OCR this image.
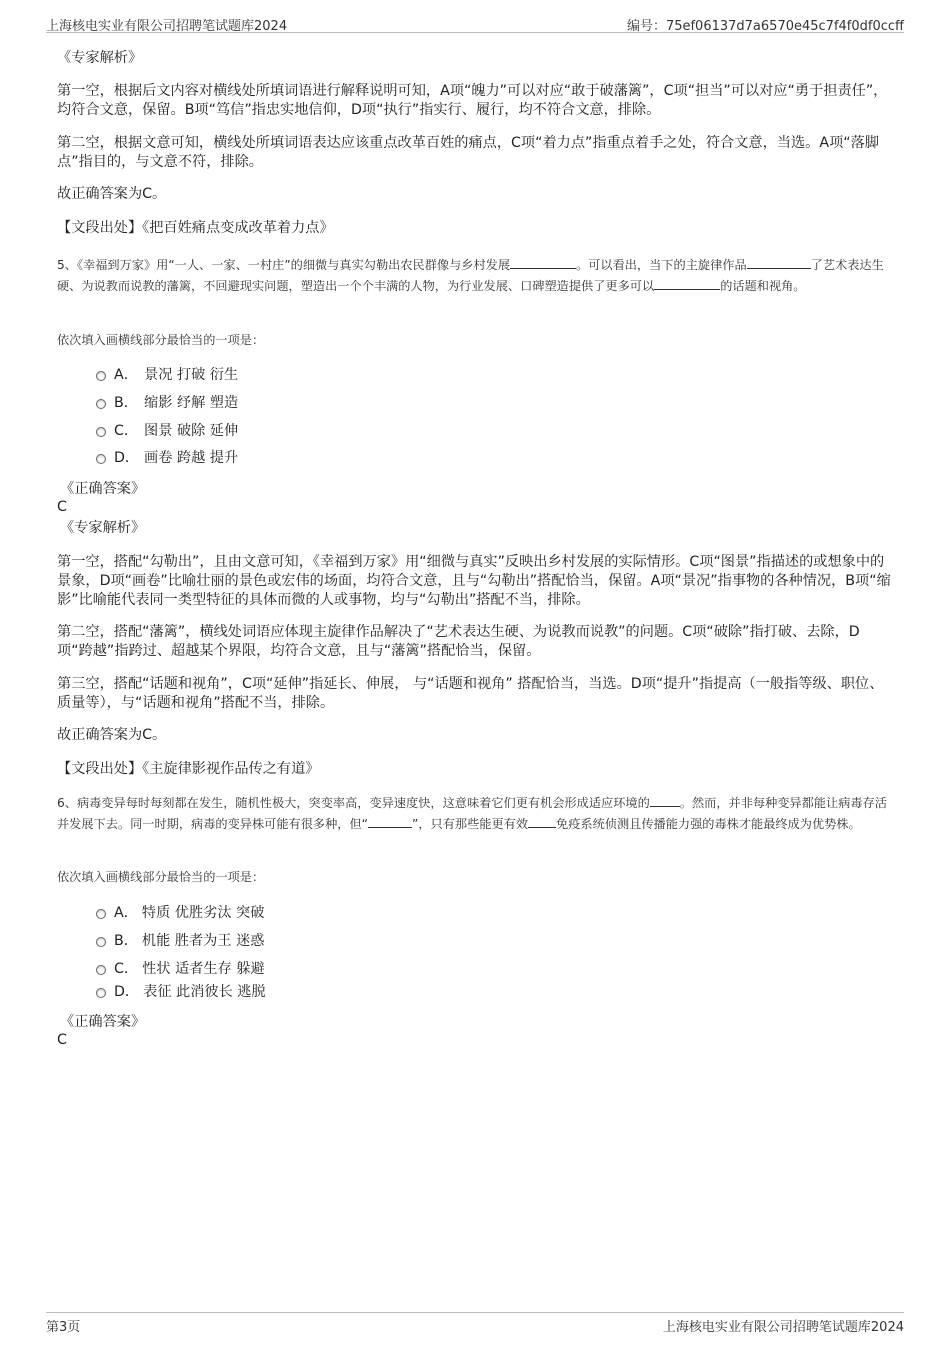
上海核电实业有限公司招聘笔试题库2024	编号：75ef06137d7a6570e45c7f4f0df0ccff
《专家解析》
第一空，根据后文内容对横线处所填词语进行解释说明可知，A项“魄力”可以对应“敢于破藩篱”，C项“担当”可以对应“勇于担责任”，均符合文意，保留。B项“笃信”指忠实地信仰，D项“执行”指实行、履行，均不符合文意，排除。
第二空，根据文意可知，横线处所填词语表达应该重点改革百姓的痛点，C项“着力点”指重点着手之处，符合文意，当选。A项“落脚点”指目的，与文意不符，排除。
故正确答案为C。
【文段出处】《把百姓痛点变成改革着力点》
5、《幸福到万家》用“一人、一家、一村庄”的细微与真实勾勒出农民群像与乡村发展	。可以看出，当下的主旋律作品	了艺术表达生硬、为说教而说教的藩篱，不回避现实问题，塑造出一个个丰满的人物，为行业发展、口碑塑造提供了更多可以	的话题和视角。
依次填入画横线部分最恰当的一项是：
A． 景况 打破 衍生
B． 缩影 纾解 塑造
C． 图景 破除 延伸
D． 画卷 跨越 提升
《正确答案》
C
《专家解析》
第一空，搭配“勾勒出”，且由文意可知，《幸福到万家》用“细微与真实”反映出乡村发展的实际情形。C项“图景”指描述的或想象中的景象，D项“画卷”比喻壮丽的景色或宏伟的场面，均符合文意，且与“勾勒出”搭配恰当，保留。A项“景况”指事物的各种情况，B项“缩影”比喻能代表同一类型特征的具体而微的人或事物，均与“勾勒出”搭配不当，排除。
第二空，搭配“藩篱”，横线处词语应体现主旋律作品解决了“艺术表达生硬、为说教而说教”的问题。C项“破除”指打破、去除，D项“跨越”指跨过、超越某个界限，均符合文意，且与“藩篱”搭配恰当，保留。
第三空，搭配“话题和视角”，C项“延伸”指延长、伸展， 与“话题和视角” 搭配恰当，当选。D项“提升”指提高（一般指等级、职位、质量等），与“话题和视角”搭配不当，排除。
故正确答案为C。
【文段出处】《主旋律影视作品传之有道》
6、病毒变异每时每刻都在发生，随机性极大，突变率高，变异速度快，这意味着它们更有机会形成适应环境的 。然而，并非每种变异都能让病毒存活并发展下去。同一时期，病毒的变异株可能有很多种，但“	”，只有那些能更有效 免疫系统侦测且传播能力强的毒株才能最终成为优势株。
依次填入画横线部分最恰当的一项是：
A． 特质 优胜劣汰 突破
B． 机能 胜者为王 迷惑
C． 性状 适者生存 躲避
D． 表征 此消彼长 逃脱
《正确答案》
C
第3页	上海核电实业有限公司招聘笔试题库2024
